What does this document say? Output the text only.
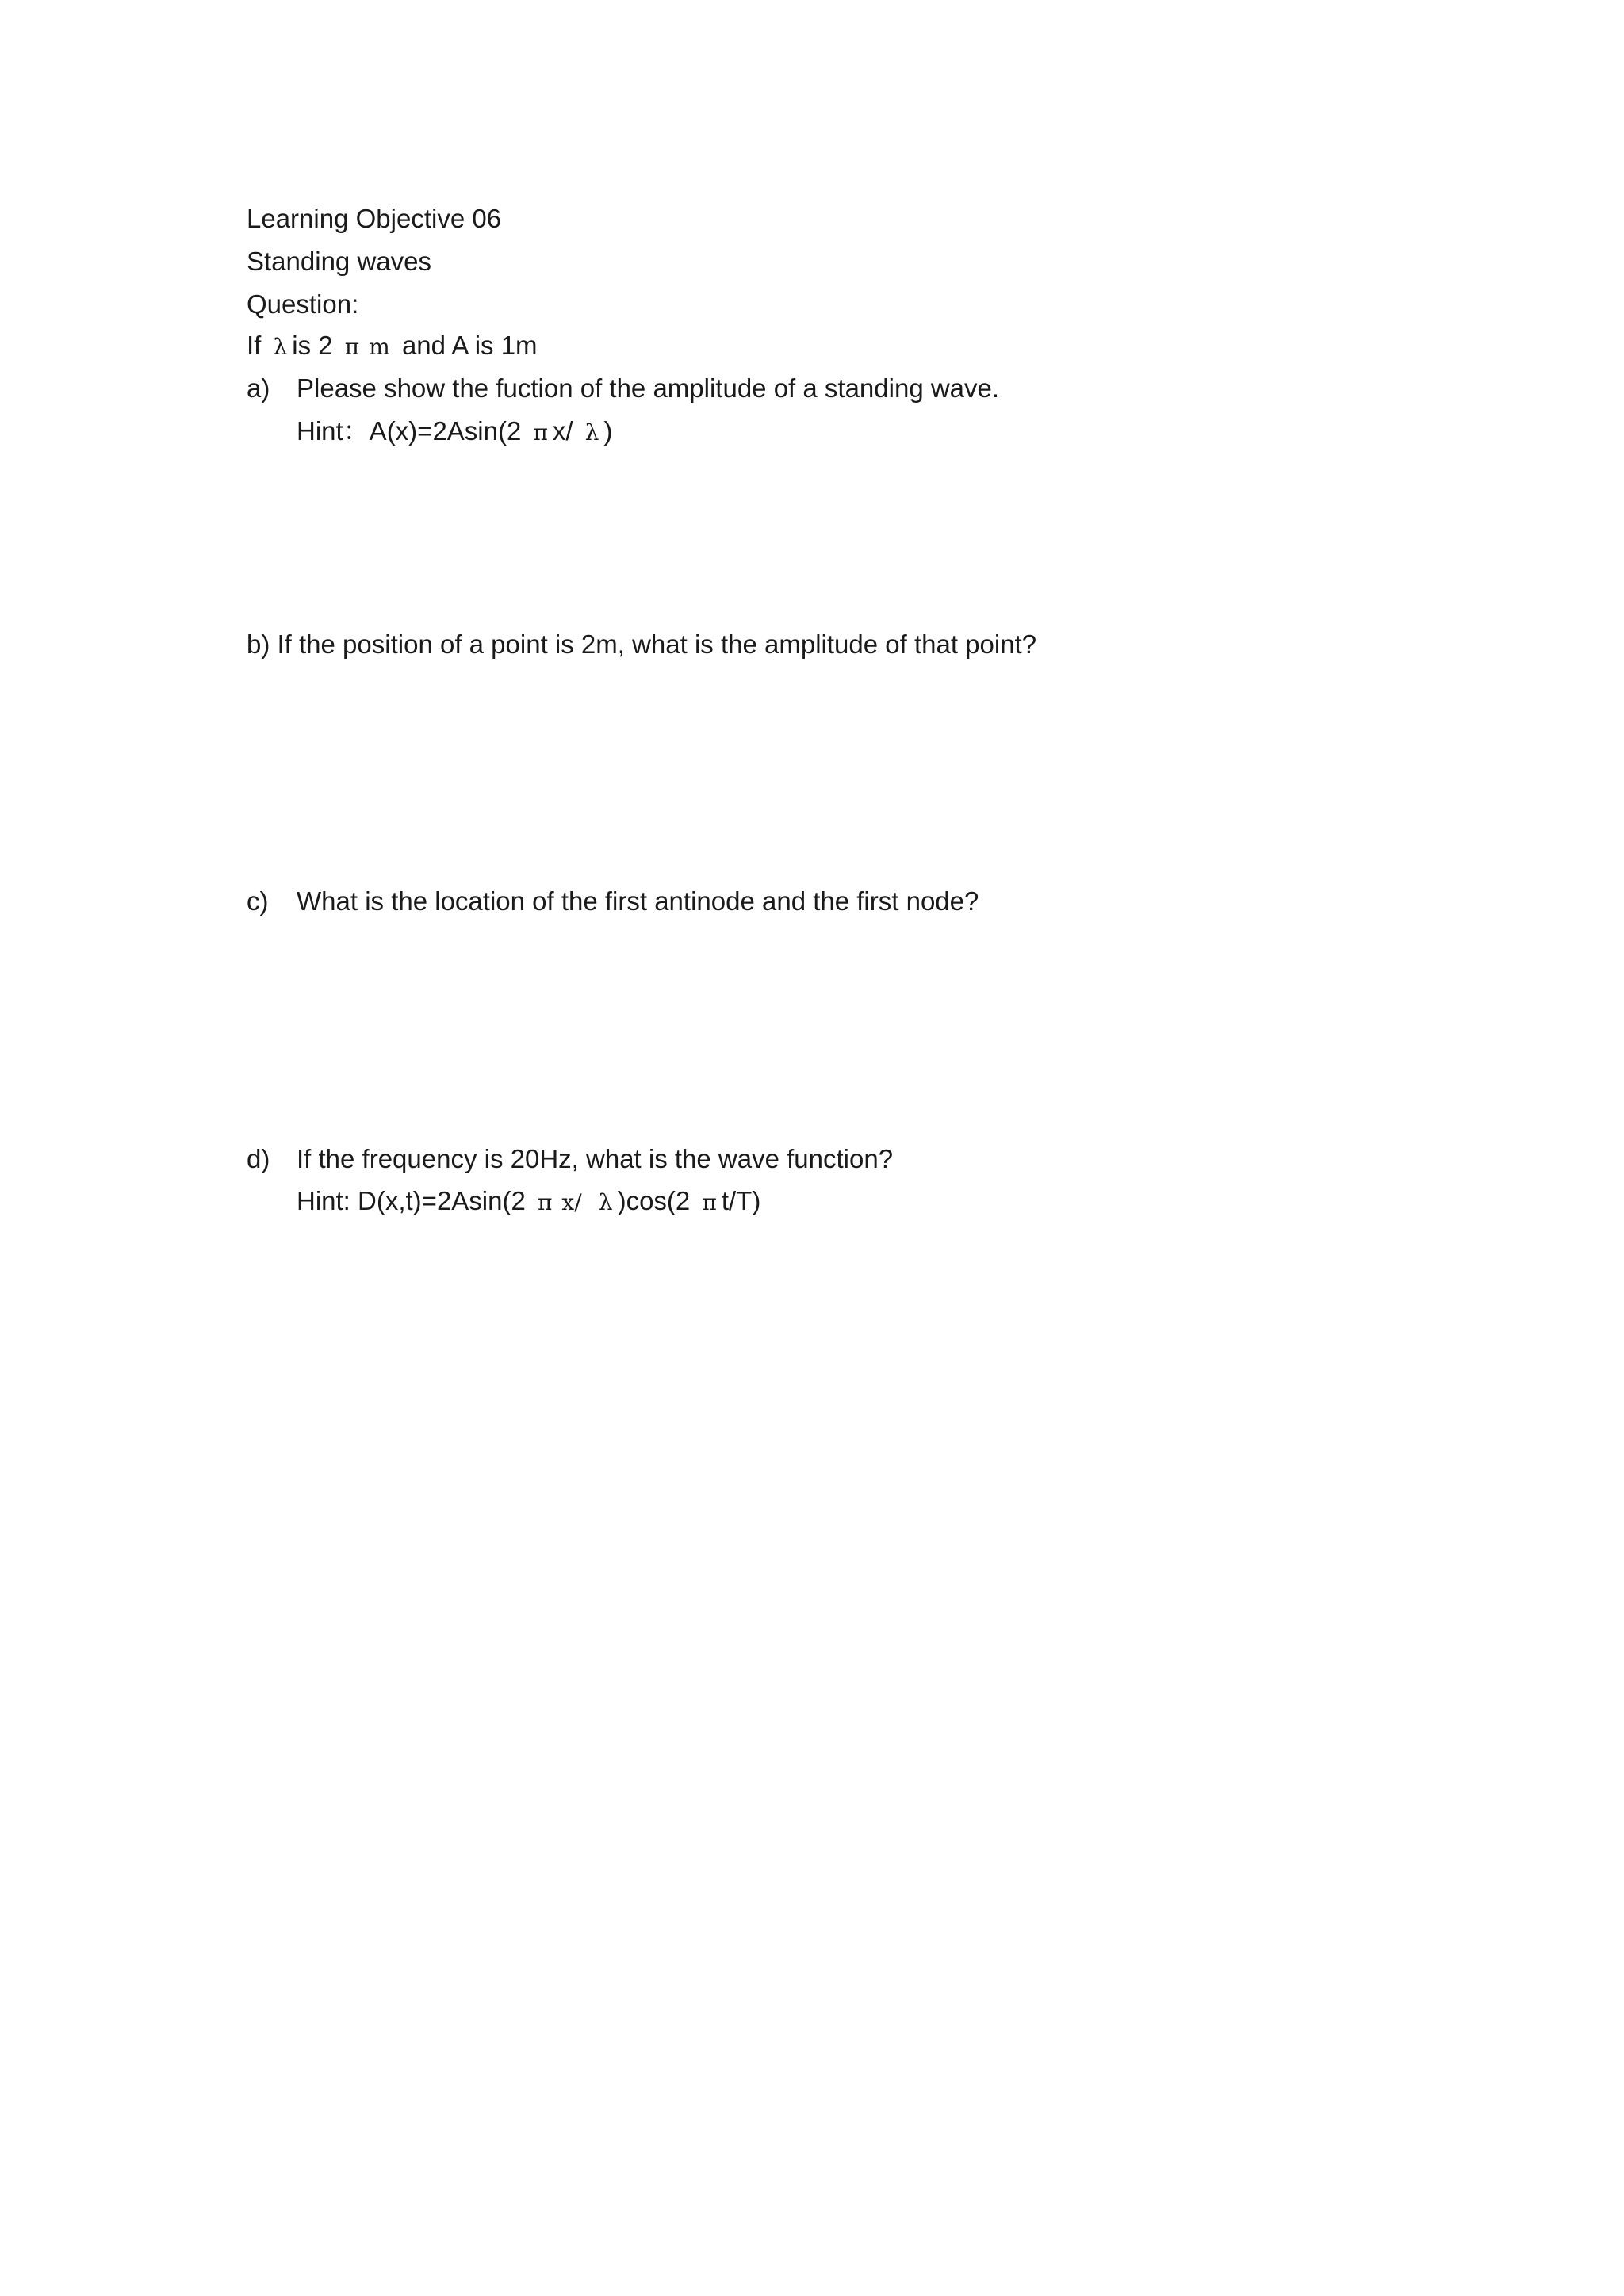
Learning Objective 06
Standing waves
Question:
If λ is 2 π m and A is 1m
a) Please show the fuction of the amplitude of a standing wave.
Hint：A(x)=2Asin(2 π x/ λ )
b) If the position of a point is 2m, what is the amplitude of that point?
c) What is the location of the first antinode and the first node?
d) If the frequency is 20Hz, what is the wave function?
Hint: D(x,t)=2Asin(2 π x/ λ )cos(2 π t/T)
